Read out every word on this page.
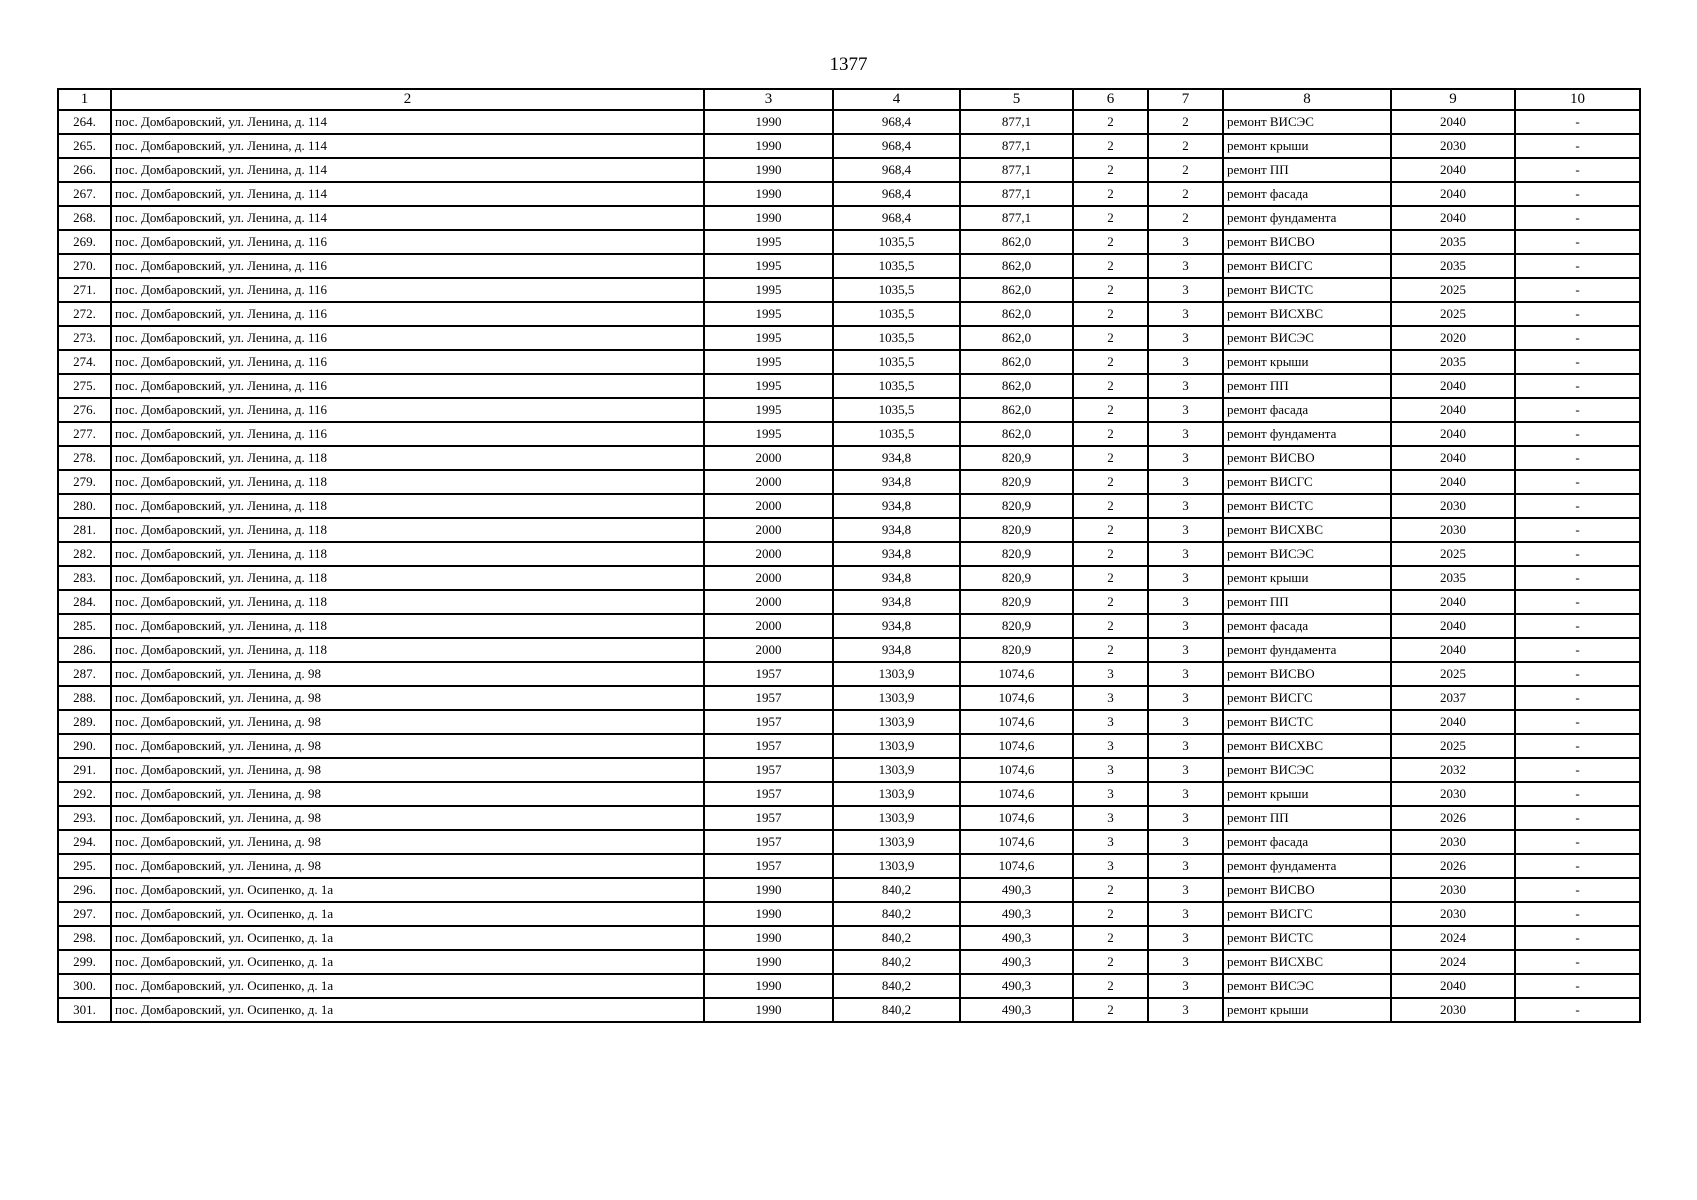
1377
1	2	3	4	5	6	7	8	9	10
264.	пос. Домбаровский, ул. Ленина, д. 114	1990	968,4	877,1	2	2	ремонт ВИСЭС	2040	-
265.	пос. Домбаровский, ул. Ленина, д. 114	1990	968,4	877,1	2	2	ремонт крыши	2030	-
266.	пос. Домбаровский, ул. Ленина, д. 114	1990	968,4	877,1	2	2	ремонт ПП	2040	-
267.	пос. Домбаровский, ул. Ленина, д. 114	1990	968,4	877,1	2	2	ремонт фасада	2040	-
268.	пос. Домбаровский, ул. Ленина, д. 114	1990	968,4	877,1	2	2	ремонт фундамента	2040	-
269.	пос. Домбаровский, ул. Ленина, д. 116	1995	1035,5	862,0	2	3	ремонт ВИСВО	2035	-
270.	пос. Домбаровский, ул. Ленина, д. 116	1995	1035,5	862,0	2	3	ремонт ВИСГС	2035	-
271.	пос. Домбаровский, ул. Ленина, д. 116	1995	1035,5	862,0	2	3	ремонт ВИСТС	2025	-
272.	пос. Домбаровский, ул. Ленина, д. 116	1995	1035,5	862,0	2	3	ремонт ВИСХВС	2025	-
273.	пос. Домбаровский, ул. Ленина, д. 116	1995	1035,5	862,0	2	3	ремонт ВИСЭС	2020	-
274.	пос. Домбаровский, ул. Ленина, д. 116	1995	1035,5	862,0	2	3	ремонт крыши	2035	-
275.	пос. Домбаровский, ул. Ленина, д. 116	1995	1035,5	862,0	2	3	ремонт ПП	2040	-
276.	пос. Домбаровский, ул. Ленина, д. 116	1995	1035,5	862,0	2	3	ремонт фасада	2040	-
277.	пос. Домбаровский, ул. Ленина, д. 116	1995	1035,5	862,0	2	3	ремонт фундамента	2040	-
278.	пос. Домбаровский, ул. Ленина, д. 118	2000	934,8	820,9	2	3	ремонт ВИСВО	2040	-
279.	пос. Домбаровский, ул. Ленина, д. 118	2000	934,8	820,9	2	3	ремонт ВИСГС	2040	-
280.	пос. Домбаровский, ул. Ленина, д. 118	2000	934,8	820,9	2	3	ремонт ВИСТС	2030	-
281.	пос. Домбаровский, ул. Ленина, д. 118	2000	934,8	820,9	2	3	ремонт ВИСХВС	2030	-
282.	пос. Домбаровский, ул. Ленина, д. 118	2000	934,8	820,9	2	3	ремонт ВИСЭС	2025	-
283.	пос. Домбаровский, ул. Ленина, д. 118	2000	934,8	820,9	2	3	ремонт крыши	2035	-
284.	пос. Домбаровский, ул. Ленина, д. 118	2000	934,8	820,9	2	3	ремонт ПП	2040	-
285.	пос. Домбаровский, ул. Ленина, д. 118	2000	934,8	820,9	2	3	ремонт фасада	2040	-
286.	пос. Домбаровский, ул. Ленина, д. 118	2000	934,8	820,9	2	3	ремонт фундамента	2040	-
287.	пос. Домбаровский, ул. Ленина, д. 98	1957	1303,9	1074,6	3	3	ремонт ВИСВО	2025	-
288.	пос. Домбаровский, ул. Ленина, д. 98	1957	1303,9	1074,6	3	3	ремонт ВИСГС	2037	-
289.	пос. Домбаровский, ул. Ленина, д. 98	1957	1303,9	1074,6	3	3	ремонт ВИСТС	2040	-
290.	пос. Домбаровский, ул. Ленина, д. 98	1957	1303,9	1074,6	3	3	ремонт ВИСХВС	2025	-
291.	пос. Домбаровский, ул. Ленина, д. 98	1957	1303,9	1074,6	3	3	ремонт ВИСЭС	2032	-
292.	пос. Домбаровский, ул. Ленина, д. 98	1957	1303,9	1074,6	3	3	ремонт крыши	2030	-
293.	пос. Домбаровский, ул. Ленина, д. 98	1957	1303,9	1074,6	3	3	ремонт ПП	2026	-
294.	пос. Домбаровский, ул. Ленина, д. 98	1957	1303,9	1074,6	3	3	ремонт фасада	2030	-
295.	пос. Домбаровский, ул. Ленина, д. 98	1957	1303,9	1074,6	3	3	ремонт фундамента	2026	-
296.	пос. Домбаровский, ул. Осипенко, д. 1а	1990	840,2	490,3	2	3	ремонт ВИСВО	2030	-
297.	пос. Домбаровский, ул. Осипенко, д. 1а	1990	840,2	490,3	2	3	ремонт ВИСГС	2030	-
298.	пос. Домбаровский, ул. Осипенко, д. 1а	1990	840,2	490,3	2	3	ремонт ВИСТС	2024	-
299.	пос. Домбаровский, ул. Осипенко, д. 1а	1990	840,2	490,3	2	3	ремонт ВИСХВС	2024	-
300.	пос. Домбаровский, ул. Осипенко, д. 1а	1990	840,2	490,3	2	3	ремонт ВИСЭС	2040	-
301.	пос. Домбаровский, ул. Осипенко, д. 1а	1990	840,2	490,3	2	3	ремонт крыши	2030	-
